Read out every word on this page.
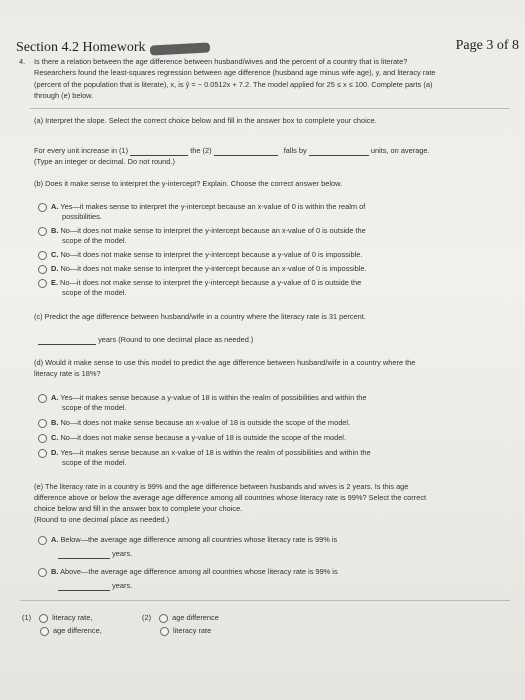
Section 4.2 Homework	Page 3 of 8
4. Is there a relation between the age difference between husband/wives and the percent of a country that is literate?
Researchers found the least-squares regression between age difference (husband age minus wife age), y, and literacy rate
(percent of the population that is literate), x, is ŷ = − 0.0512x + 7.2. The model applied for 25 ≤ x ≤ 100. Complete parts (a)
through (e) below.
(a) Interpret the slope. Select the correct choice below and fill in the answer box to complete your choice.
For every unit increase in (1)	the (2)	falls by	units, on average.
(Type an integer or decimal. Do not round.)
(b) Does it make sense to interpret the y-intercept? Explain. Choose the correct answer below.
A. Yes—it makes sense to interpret the y-intercept because an x-value of 0 is within the realm of
possibilities.
B. No—it does not make sense to interpret the y-intercept because an x-value of 0 is outside the
scope of the model.
C. No—it does not make sense to interpret the y-intercept because a y-value of 0 is impossible.
D. No—it does not make sense to interpret the y-intercept because an x-value of 0 is impossible.
E. No—it does not make sense to interpret the y-intercept because a y-value of 0 is outside the
scope of the model.
(c) Predict the age difference between husband/wife in a country where the literacy rate is 31 percent.
years (Round to one decimal place as needed.)
(d) Would it make sense to use this model to predict the age difference between husband/wife in a country where the
literacy rate is 18%?
A. Yes—it makes sense because a y-value of 18 is within the realm of possibilities and within the
scope of the model.
B. No—it does not make sense because an x-value of 18 is outside the scope of the model.
C. No—it does not make sense because a y-value of 18 is outside the scope of the model.
D. Yes—it makes sense because an x-value of 18 is within the realm of possibilities and within the
scope of the model.
(e) The literacy rate in a country is 99% and the age difference between husbands and wives is 2 years. Is this age
difference above or below the average age difference among all countries whose literacy rate is 99%? Select the correct
choice below and fill in the answer box to complete your choice.
(Round to one decimal place as needed.)
A. Below—the average age difference among all countries whose literacy rate is 99% is
years.
B. Above—the average age difference among all countries whose literacy rate is 99% is
years.
(1)	literacy rate,
age difference,
(2)	age difference
literacy rate
